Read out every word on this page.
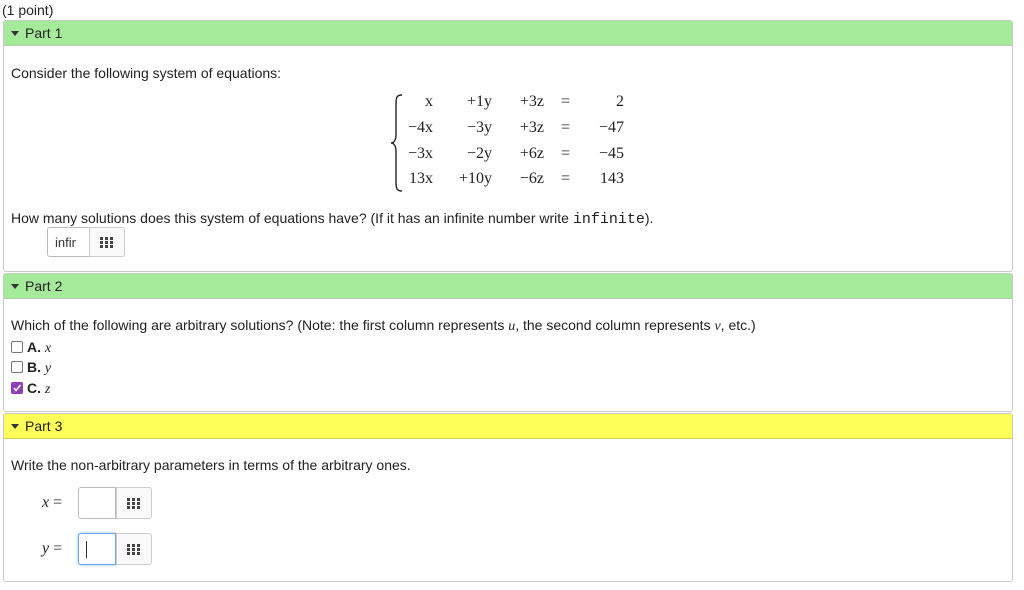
(1 point)
Part 1
Consider the following system of equations:
x +1y +3z =	2
−4x −3y +3z = −47
−3x −2y +6z = −45
13x +10y −6z = 143
How many solutions does this system of equations have? (If it has an infinite number write infinite).
infir
Part 2
Which of the following are arbitrary solutions? (Note: the first column represents u, the second column represents v, etc.)
A. x
B. y
C. z
Part 3
Write the non-arbitrary parameters in terms of the arbitrary ones.
x =
y =
